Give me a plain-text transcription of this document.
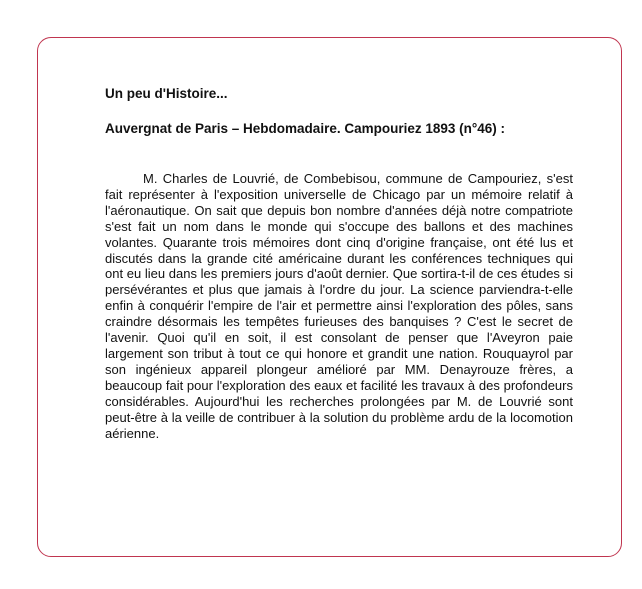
Un peu d'Histoire...
Auvergnat de Paris – Hebdomadaire. Campouriez 1893 (n°46) :

M. Charles de Louvrié, de Combebisou, commune de Campouriez, s'est fait représenter à l'exposition universelle de Chicago par un mémoire relatif à l'aéronautique. On sait que depuis bon nombre d'années déjà notre compatriote s'est fait un nom dans le monde qui s'occupe des ballons et des machines volantes. Quarante trois mémoires dont cinq d'origine française, ont été lus et discutés dans la grande cité américaine durant les conférences techniques qui ont eu lieu dans les premiers jours d'août dernier. Que sortira-t-il de ces études si persévérantes et plus que jamais à l'ordre du jour. La science parviendra-t-elle enfin à conquérir l'empire de l'air et permettre ainsi l'exploration des pôles, sans craindre désormais les tempêtes furieuses des banquises ? C'est le secret de l'avenir. Quoi qu'il en soit, il est consolant de penser que l'Aveyron paie largement son tribut à tout ce qui honore et grandit une nation. Rouquayrol par son ingénieux appareil plongeur amélioré par MM. Denayrouze frères, a beaucoup fait pour l'exploration des eaux et facilité les travaux à des profondeurs considérables. Aujourd'hui les recherches prolongées par M. de Louvrié sont peut-être à la veille de contribuer à la solution du problème ardu de la locomotion aérienne.
